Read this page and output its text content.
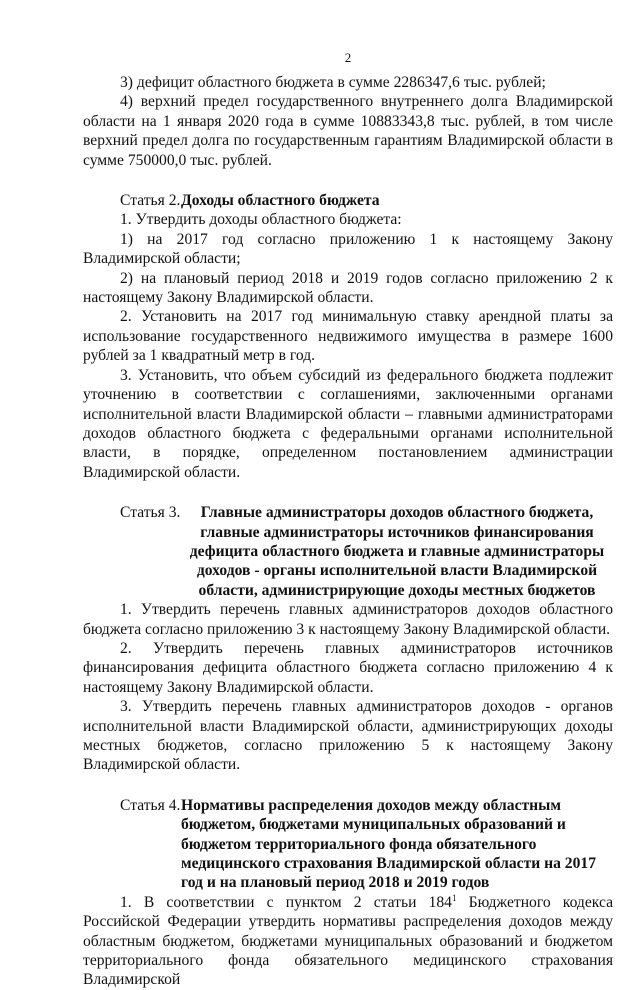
2

3) дефицит областного бюджета в сумме 2286347,6 тыс. рублей;

4) верхний предел государственного внутреннего долга Владимирской области на 1 января 2020 года в сумме 10883343,8 тыс. рублей, в том числе верхний предел долга по государственным гарантиям Владимирской области в сумме 750000,0 тыс. рублей.

Статья 2. Доходы областного бюджета

1. Утвердить доходы областного бюджета:

1) на 2017 год согласно приложению 1 к настоящему Закону Владимирской области;

2) на плановый период 2018 и 2019 годов согласно приложению 2 к настоящему Закону Владимирской области.

2. Установить на 2017 год минимальную ставку арендной платы за использование государственного недвижимого имущества в размере 1600 рублей за 1 квадратный метр в год.

3. Установить, что объем субсидий из федерального бюджета подлежит уточнению в соответствии с соглашениями, заключенными органами исполнительной власти Владимирской области – главными администраторами доходов областного бюджета с федеральными органами исполнительной власти, в порядке, определенном постановлением администрации Владимирской области.

Статья 3.	Главные администраторы доходов областного бюджета, главные администраторы источников финансирования дефицита областного бюджета и главные администраторы доходов - органы исполнительной власти Владимирской области, администрирующие доходы местных бюджетов

1. Утвердить перечень главных администраторов доходов областного бюджета согласно приложению 3 к настоящему Закону Владимирской области.

2. Утвердить перечень главных администраторов источников финансирования дефицита областного бюджета согласно приложению 4 к настоящему Закону Владимирской области.

3. Утвердить перечень главных администраторов доходов - органов исполнительной власти Владимирской области, администрирующих доходы местных бюджетов, согласно приложению 5 к настоящему Закону Владимирской области.

Статья 4. Нормативы распределения доходов между областным бюджетом, бюджетами муниципальных образований и бюджетом территориального фонда обязательного медицинского страхования Владимирской области на 2017 год и на плановый период 2018 и 2019 годов

1. В соответствии с пунктом 2 статьи $184^1$ Бюджетного кодекса Российской Федерации утвердить нормативы распределения доходов между областным бюджетом, бюджетами муниципальных образований и бюджетом территориального фонда обязательного медицинского страхования Владимирской
